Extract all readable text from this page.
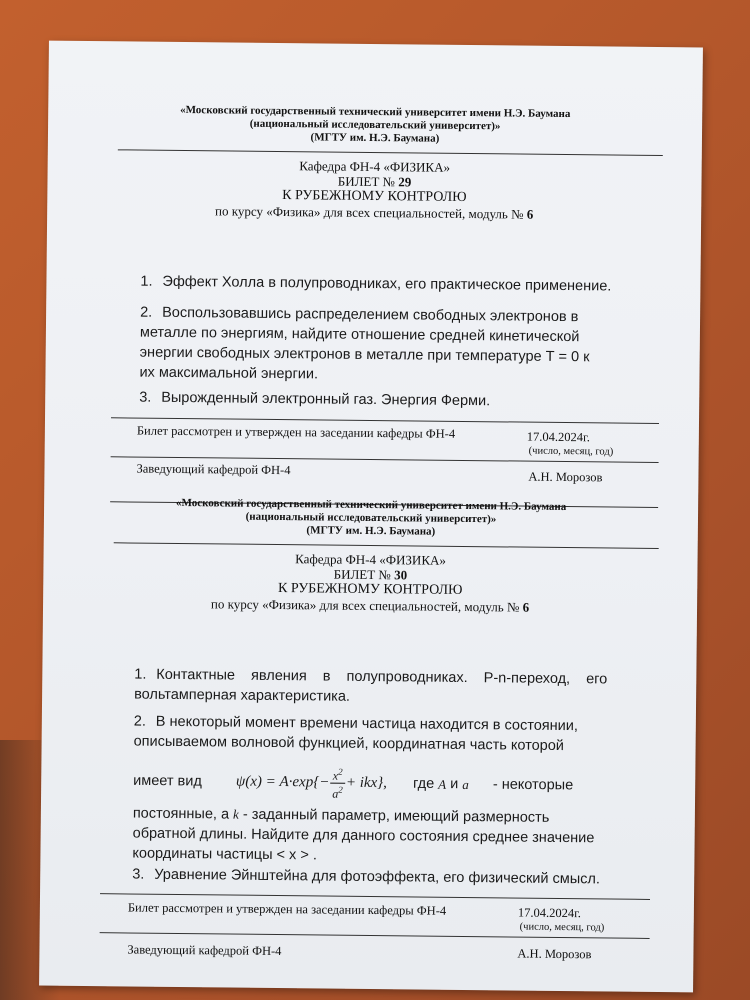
«Московский государственный технический университет имени Н.Э. Баумана
(национальный исследовательский университет)»
(МГТУ им. Н.Э. Баумана)
Кафедра ФН-4 «ФИЗИКА»
БИЛЕТ № 29
К РУБЕЖНОМУ КОНТРОЛЮ
по курсу «Физика» для всех специальностей, модуль № 6
1. Эффект Холла в полупроводниках, его практическое применение.
2. Воспользовавшись распределением свободных электронов в
металле по энергиям, найдите отношение средней кинетической
энергии свободных электронов в металле при температуре Т = 0 к
их максимальной энергии.
3. Вырожденный электронный газ. Энергия Ферми.
Билет рассмотрен и утвержден на заседании кафедры ФН-4	17.04.2024г.
(число, месяц, год)
Заведующий кафедрой ФН-4	А.Н. Морозов
«Московский государственный технический университет имени Н.Э. Баумана
(национальный исследовательский университет)»
(МГТУ им. Н.Э. Баумана)
Кафедра ФН-4 «ФИЗИКА»
БИЛЕТ № 30
К РУБЕЖНОМУ КОНТРОЛЮ
по курсу «Физика» для всех специальностей, модуль № 6
1. Контактные явления в полупроводниках. P-n-переход, его
вольтамперная характеристика.
2. В некоторый момент времени частица находится в состоянии,
описываемом волновой функцией, координатная часть которой
имеет вид $\psi(x) = A\cdot\exp\{- \frac{x^2}{a^2} + ikx\}$, где A и a - некоторые
постоянные, а k - заданный параметр, имеющий размерность
обратной длины. Найдите для данного состояния среднее значение
координаты частицы < x > .
3. Уравнение Эйнштейна для фотоэффекта, его физический смысл.
Билет рассмотрен и утвержден на заседании кафедры ФН-4	17.04.2024г.
(число, месяц, год)
Заведующий кафедрой ФН-4	А.Н. Морозов
